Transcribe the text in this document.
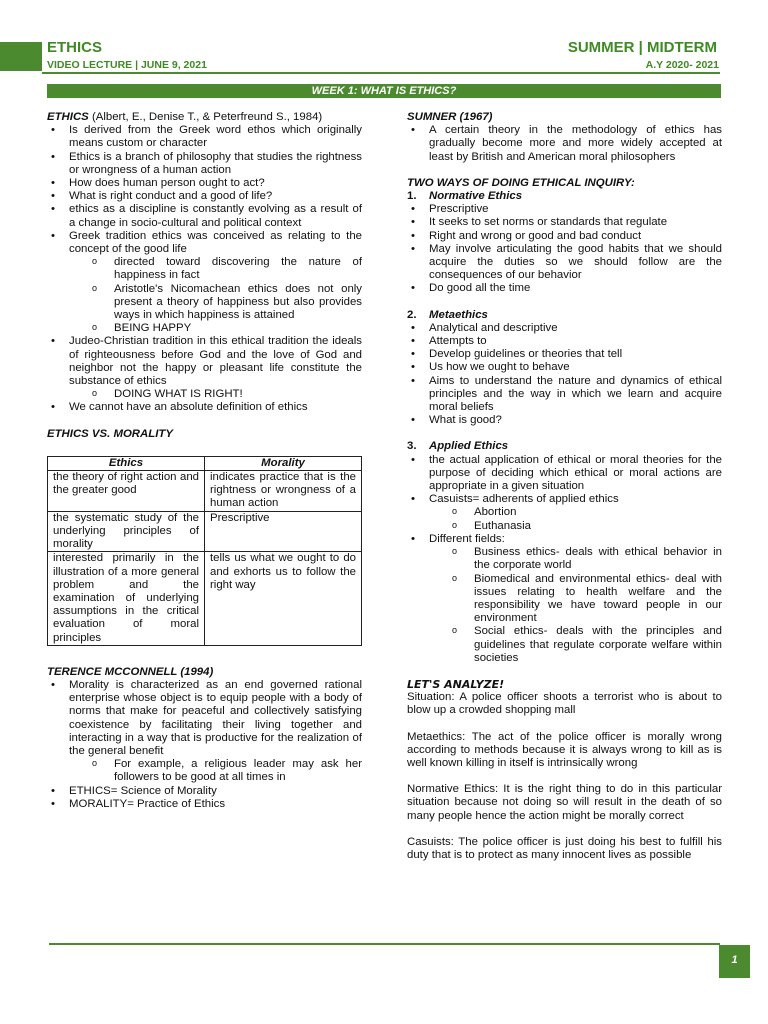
ETHICS
VIDEO LECTURE | JUNE 9, 2021
SUMMER | MIDTERM
A.Y 2020- 2021
WEEK 1: WHAT IS ETHICS?
ETHICS (Albert, E., Denise T., & Peterfreund S., 1984)
• Is derived from the Greek word ethos which originally means custom or character
• Ethics is a branch of philosophy that studies the rightness or wrongness of a human action
• How does human person ought to act?
• What is right conduct and a good of life?
• ethics as a discipline is constantly evolving as a result of a change in socio-cultural and political context
• Greek tradition ethics was conceived as relating to the concept of the good life
o directed toward discovering the nature of happiness in fact
o Aristotle's Nicomachean ethics does not only present a theory of happiness but also provides ways in which happiness is attained
o BEING HAPPY
• Judeo-Christian tradition in this ethical tradition the ideals of righteousness before God and the love of God and neighbor not the happy or pleasant life constitute the substance of ethics
o DOING WHAT IS RIGHT!
• We cannot have an absolute definition of ethics
ETHICS VS. MORALITY
Ethics	Morality
the theory of right action and the greater good	indicates practice that is the rightness or wrongness of a human action
the systematic study of the underlying principles of morality	Prescriptive
interested primarily in the illustration of a more general problem and the examination of underlying assumptions in the critical evaluation of moral principles	tells us what we ought to do and exhorts us to follow the right way
TERENCE MCCONNELL (1994)
• Morality is characterized as an end governed rational enterprise whose object is to equip people with a body of norms that make for peaceful and collectively satisfying coexistence by facilitating their living together and interacting in a way that is productive for the realization of the general benefit
o For example, a religious leader may ask her followers to be good at all times in
• ETHICS= Science of Morality
• MORALITY= Practice of Ethics
SUMNER (1967)
• A certain theory in the methodology of ethics has gradually become more and more widely accepted at least by British and American moral philosophers
TWO WAYS OF DOING ETHICAL INQUIRY:
1. Normative Ethics
• Prescriptive
• It seeks to set norms or standards that regulate
• Right and wrong or good and bad conduct
• May involve articulating the good habits that we should acquire the duties so we should follow are the consequences of our behavior
• Do good all the time
2. Metaethics
• Analytical and descriptive
• Attempts to
• Develop guidelines or theories that tell
• Us how we ought to behave
• Aims to understand the nature and dynamics of ethical principles and the way in which we learn and acquire moral beliefs
• What is good?
3. Applied Ethics
• the actual application of ethical or moral theories for the purpose of deciding which ethical or moral actions are appropriate in a given situation
• Casuists= adherents of applied ethics
o Abortion
o Euthanasia
• Different fields:
o Business ethics- deals with ethical behavior in the corporate world
o Biomedical and environmental ethics- deal with issues relating to health welfare and the responsibility we have toward people in our environment
o Social ethics- deals with the principles and guidelines that regulate corporate welfare within societies
LET'S ANALYZE!

Situation: A police officer shoots a terrorist who is about to blow up a crowded shopping mall

Metaethics: The act of the police officer is morally wrong according to methods because it is always wrong to kill as is well known killing in itself is intrinsically wrong

Normative Ethics: It is the right thing to do in this particular situation because not doing so will result in the death of so many people hence the action might be morally correct

Casuists: The police officer is just doing his best to fulfill his duty that is to protect as many innocent lives as possible

1
